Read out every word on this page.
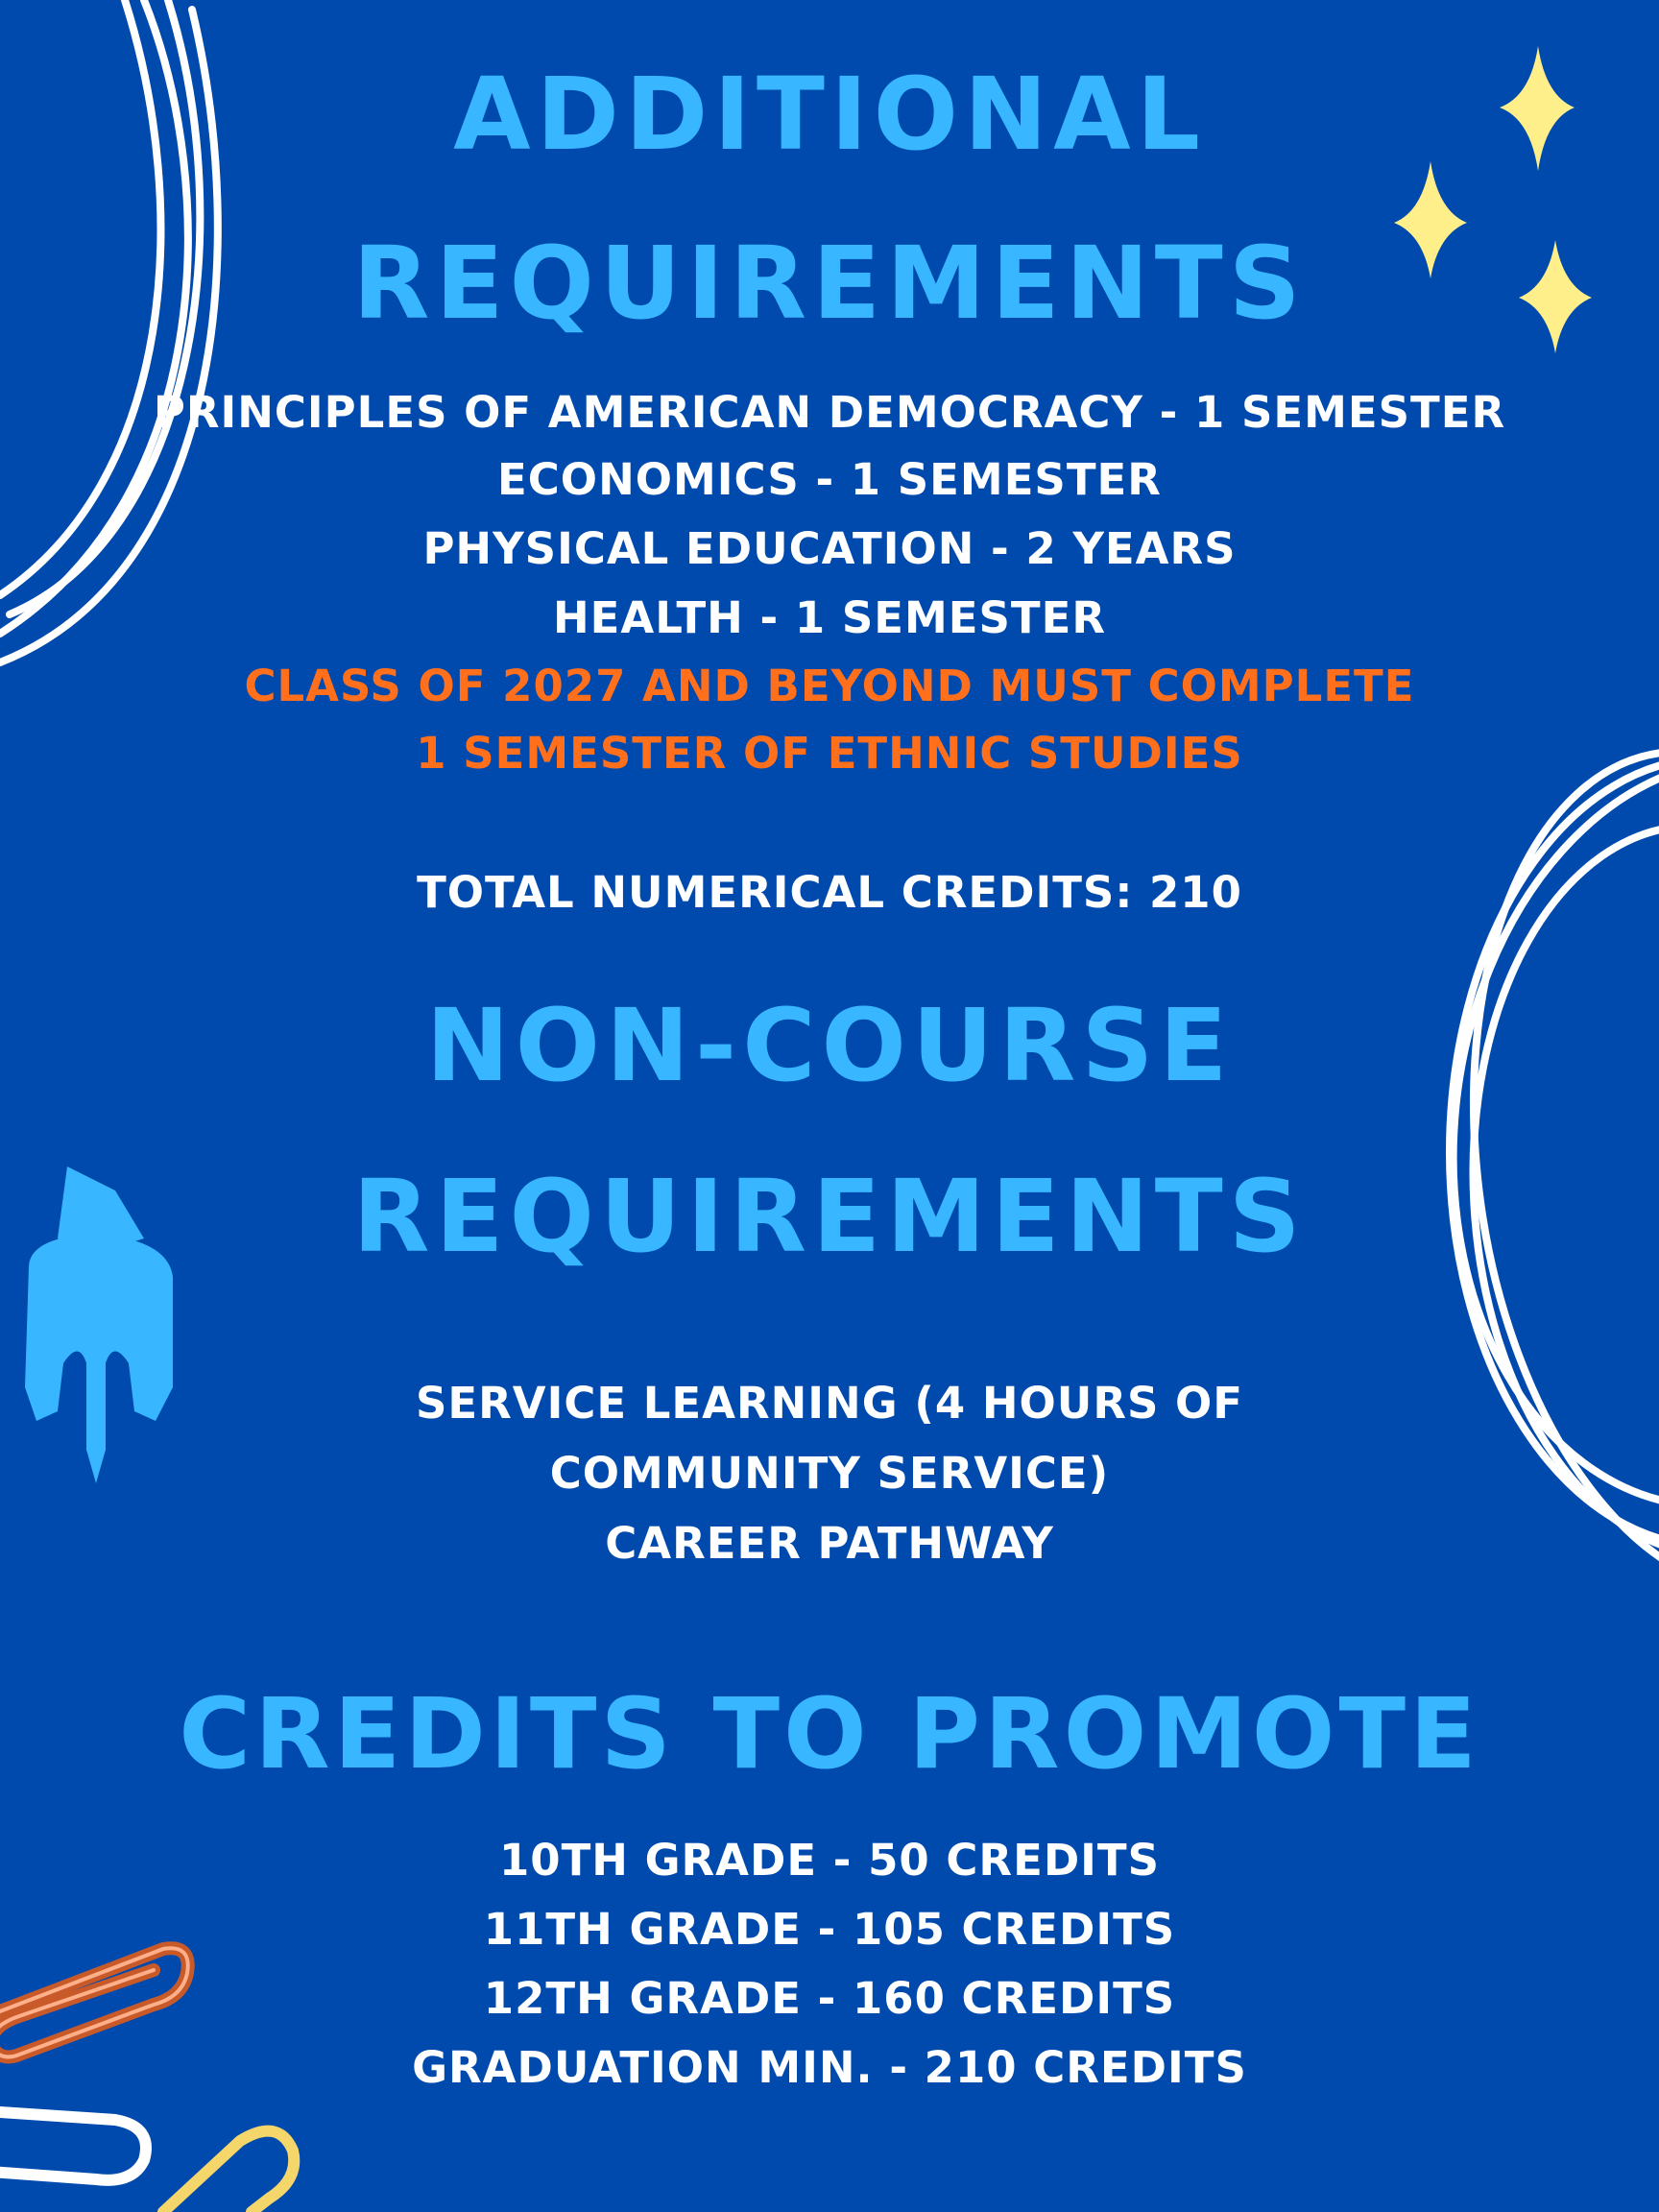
ADDITIONAL
REQUIREMENTS
PRINCIPLES OF AMERICAN DEMOCRACY - 1 SEMESTER
ECONOMICS - 1 SEMESTER
PHYSICAL EDUCATION - 2 YEARS
HEALTH - 1 SEMESTER
CLASS OF 2027 AND BEYOND MUST COMPLETE
1 SEMESTER OF ETHNIC STUDIES
TOTAL NUMERICAL CREDITS: 210
NON-COURSE
REQUIREMENTS
SERVICE LEARNING (4 HOURS OF
COMMUNITY SERVICE)
CAREER PATHWAY
CREDITS TO PROMOTE
10TH GRADE - 50 CREDITS
11TH GRADE - 105 CREDITS
12TH GRADE - 160 CREDITS
GRADUATION MIN. - 210 CREDITS
